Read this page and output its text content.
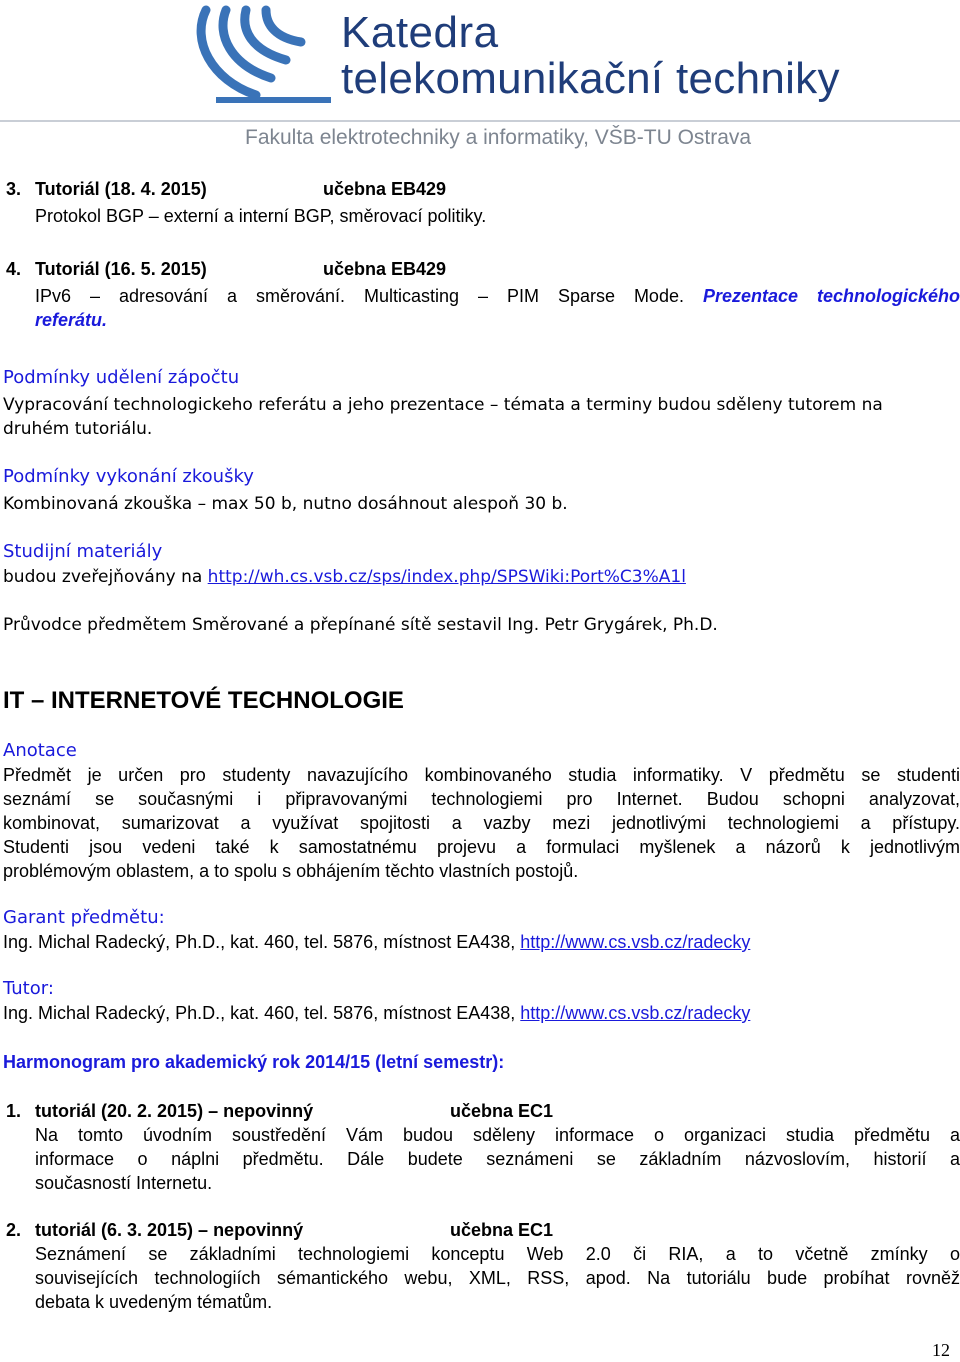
Katedra
telekomunikační techniky
Fakulta elektrotechniky a informatiky, VŠB-TU Ostrava
3. Tutoriál (18. 4. 2015)	učebna EB429
Protokol BGP – externí a interní BGP, směrovací politiky.
4. Tutoriál (16. 5. 2015)	učebna EB429
IPv6 – adresování a směrování. Multicasting – PIM Sparse Mode. Prezentace technologického
referátu.
Podmínky udělení zápočtu
Vypracování technologickeho referátu a jeho prezentace – témata a terminy budou sděleny tutorem na
druhém tutoriálu.
Podmínky vykonání zkoušky
Kombinovaná zkouška – max 50 b, nutno dosáhnout alespoň 30 b.
Studijní materiály
budou zveřejňovány na http://wh.cs.vsb.cz/sps/index.php/SPSWiki:Port%C3%A1l
Průvodce předmětem Směrované a přepínané sítě sestavil Ing. Petr Grygárek, Ph.D.
IT – INTERNETOVÉ TECHNOLOGIE
Anotace
Předmět je určen pro studenty navazujícího kombinovaného studia informatiky. V předmětu se studenti
seznámí se současnými i připravovanými technologiemi pro Internet. Budou schopni analyzovat,
kombinovat, sumarizovat a využívat spojitosti a vazby mezi jednotlivými technologiemi a přístupy.
Studenti jsou vedeni také k samostatnému projevu a formulaci myšlenek a názorů k jednotlivým
problémovým oblastem, a to spolu s obhájením těchto vlastních postojů.
Garant předmětu:
Ing. Michal Radecký, Ph.D., kat. 460, tel. 5876, místnost EA438, http://www.cs.vsb.cz/radecky
Tutor:
Ing. Michal Radecký, Ph.D., kat. 460, tel. 5876, místnost EA438, http://www.cs.vsb.cz/radecky
Harmonogram pro akademický rok 2014/15 (letní semestr):
1. tutoriál (20. 2. 2015) – nepovinný	učebna EC1
Na tomto úvodním soustředění Vám budou sděleny informace o organizaci studia předmětu a
informace o náplni předmětu. Dále budete seznámeni se základním názvoslovím, historií a
současností Internetu.
2. tutoriál (6. 3. 2015) – nepovinný	učebna EC1
Seznámení se základními technologiemi konceptu Web 2.0 či RIA, a to včetně zmínky o
souvisejících technologiích sémantického webu, XML, RSS, apod. Na tutoriálu bude probíhat rovněž
debata k uvedeným tématům.
12
